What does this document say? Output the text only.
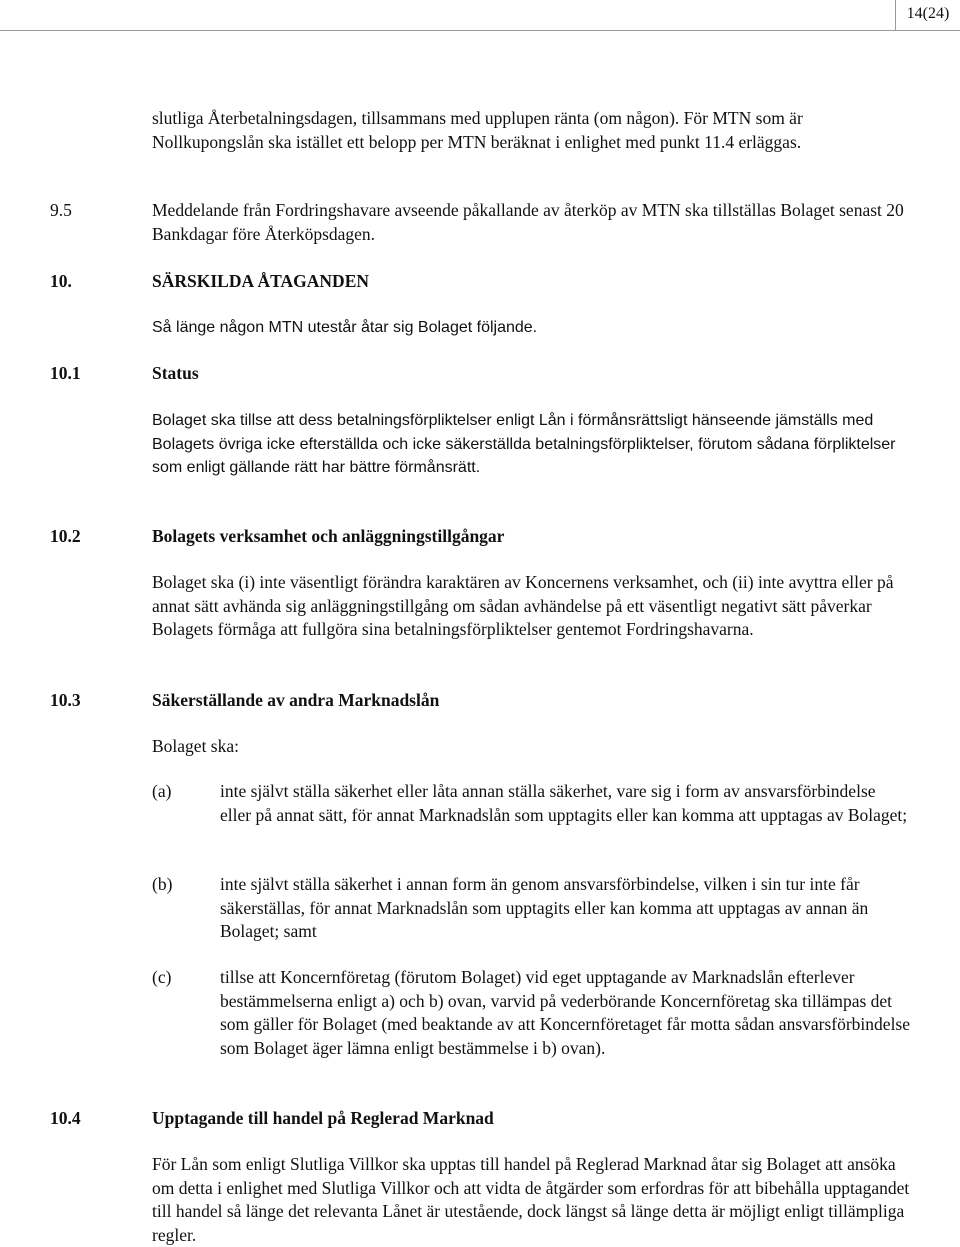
14(24)
slutliga Återbetalningsdagen, tillsammans med upplupen ränta (om någon). För MTN som är Nollkupongslån ska istället ett belopp per MTN beräknat i enlighet med punkt 11.4 erläggas.
9.5	Meddelande från Fordringshavare avseende påkallande av återköp av MTN ska tillställas Bolaget senast 20 Bankdagar före Återköpsdagen.
10.	SÄRSKILDA ÅTAGANDEN
Så länge någon MTN utestår åtar sig Bolaget följande.
10.1	Status
Bolaget ska tillse att dess betalningsförpliktelser enligt Lån i förmånsrättsligt hänseende jämställs med Bolagets övriga icke efterställda och icke säkerställda betalningsförpliktelser, förutom sådana förpliktelser som enligt gällande rätt har bättre förmånsrätt.
10.2	Bolagets verksamhet och anläggningstillgångar
Bolaget ska (i) inte väsentligt förändra karaktären av Koncernens verksamhet, och (ii) inte avyttra eller på annat sätt avhända sig anläggningstillgång om sådan avhändelse på ett väsentligt negativt sätt påverkar Bolagets förmåga att fullgöra sina betalningsförpliktelser gentemot Fordringshavarna.
10.3	Säkerställande av andra Marknadslån
Bolaget ska:
(a)	inte självt ställa säkerhet eller låta annan ställa säkerhet, vare sig i form av ansvarsförbindelse eller på annat sätt, för annat Marknadslån som upptagits eller kan komma att upptagas av Bolaget;
(b)	inte självt ställa säkerhet i annan form än genom ansvarsförbindelse, vilken i sin tur inte får säkerställas, för annat Marknadslån som upptagits eller kan komma att upptagas av annan än Bolaget; samt
(c)	tillse att Koncernföretag (förutom Bolaget) vid eget upptagande av Marknadslån efterlever bestämmelserna enligt a) och b) ovan, varvid på vederbörande Koncernföretag ska tillämpas det som gäller för Bolaget (med beaktande av att Koncernföretaget får motta sådan ansvarsförbindelse som Bolaget äger lämna enligt bestämmelse i b) ovan).
10.4	Upptagande till handel på Reglerad Marknad
För Lån som enligt Slutliga Villkor ska upptas till handel på Reglerad Marknad åtar sig Bolaget att ansöka om detta i enlighet med Slutliga Villkor och att vidta de åtgärder som erfordras för att bibehålla upptagandet till handel så länge det relevanta Lånet är utestående, dock längst så länge detta är möjligt enligt tillämpliga regler.
